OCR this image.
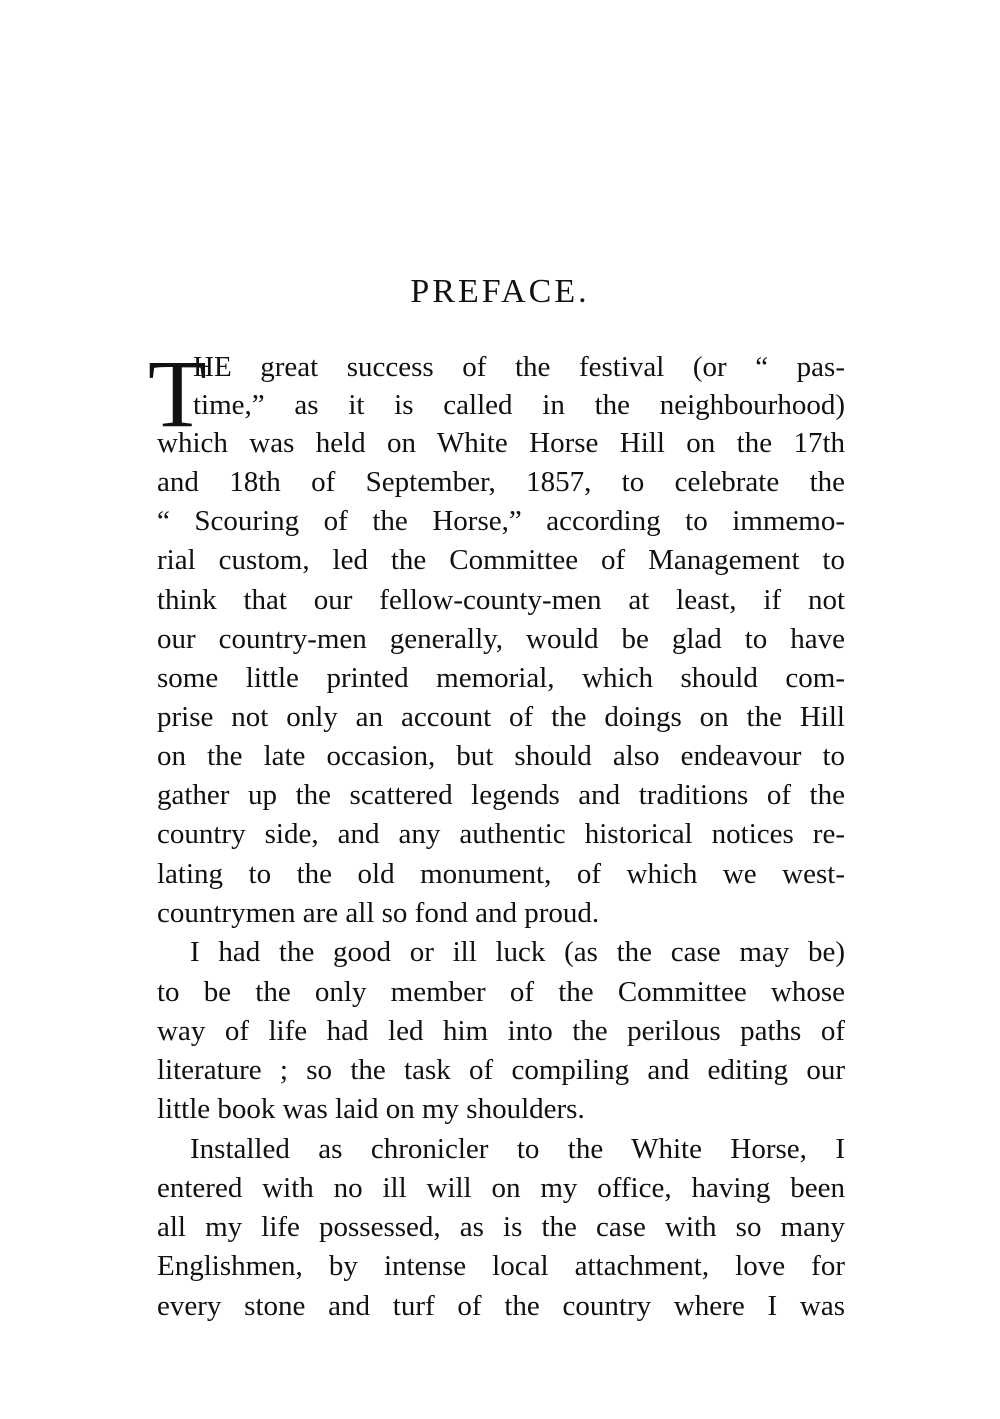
PREFACE.
T
HE great success of the festival (or “ pas-
time,” as it is called in the neighbourhood)
which was held on White Horse Hill on the 17th
and 18th of September, 1857, to celebrate the
“ Scouring of the Horse,” according to immemo-
rial custom, led the Committee of Management to
think that our fellow-county-men at least, if not
our country-men generally, would be glad to have
some little printed memorial, which should com-
prise not only an account of the doings on the Hill
on the late occasion, but should also endeavour to
gather up the scattered legends and traditions of the
country side, and any authentic historical notices re-
lating to the old monument, of which we west-
countrymen are all so fond and proud.
I had the good or ill luck (as the case may be)
to be the only member of the Committee whose
way of life had led him into the perilous paths of
literature ; so the task of compiling and editing our
little book was laid on my shoulders.
Installed as chronicler to the White Horse, I
entered with no ill will on my office, having been
all my life possessed, as is the case with so many
Englishmen, by intense local attachment, love for
every stone and turf of the country where I was
